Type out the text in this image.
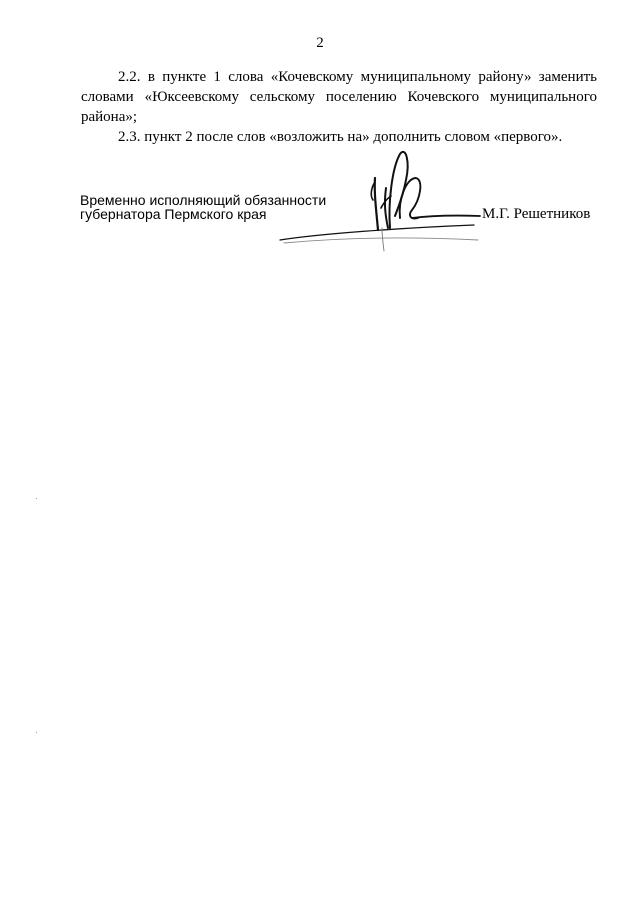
2

2.2. в пункте 1 слова «Кочевскому муниципальному району» заменить словами «Юксеевскому сельскому поселению Кочевского муниципального района»;

2.3. пункт 2 после слов «возложить на» дополнить словом «первого».

Временно исполняющий обязанности
губернатора Пермского края	М.Г. Решетников
